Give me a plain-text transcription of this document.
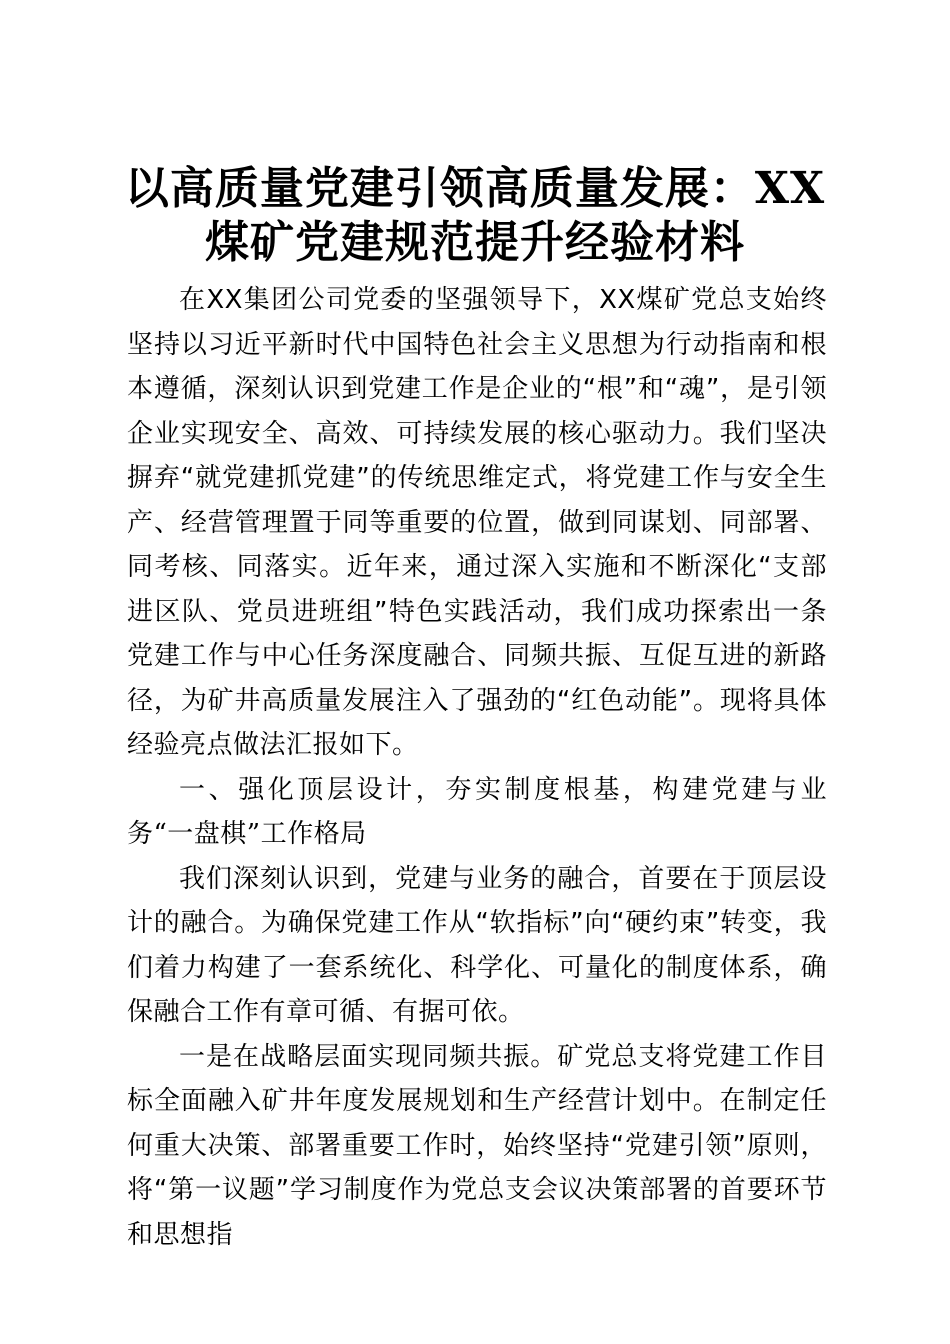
以高质量党建引领高质量发展：XX煤矿党建规范提升经验材料

在XX集团公司党委的坚强领导下，XX煤矿党总支始终坚持以习近平新时代中国特色社会主义思想为行动指南和根本遵循，深刻认识到党建工作是企业的“根”和“魂”，是引领企业实现安全、高效、可持续发展的核心驱动力。我们坚决摒弃“就党建抓党建”的传统思维定式，将党建工作与安全生产、经营管理置于同等重要的位置，做到同谋划、同部署、同考核、同落实。近年来，通过深入实施和不断深化“支部进区队、党员进班组”特色实践活动，我们成功探索出一条党建工作与中心任务深度融合、同频共振、互促互进的新路径，为矿井高质量发展注入了强劲的“红色动能”。现将具体经验亮点做法汇报如下。

一、强化顶层设计，夯实制度根基，构建党建与业务“一盘棋”工作格局

我们深刻认识到，党建与业务的融合，首要在于顶层设计的融合。为确保党建工作从“软指标”向“硬约束”转变，我们着力构建了一套系统化、科学化、可量化的制度体系，确保融合工作有章可循、有据可依。

一是在战略层面实现同频共振。矿党总支将党建工作目标全面融入矿井年度发展规划和生产经营计划中。在制定任何重大决策、部署重要工作时，始终坚持“党建引领”原则，将“第一议题”学习制度作为党总支会议决策部署的首要环节和思想指
